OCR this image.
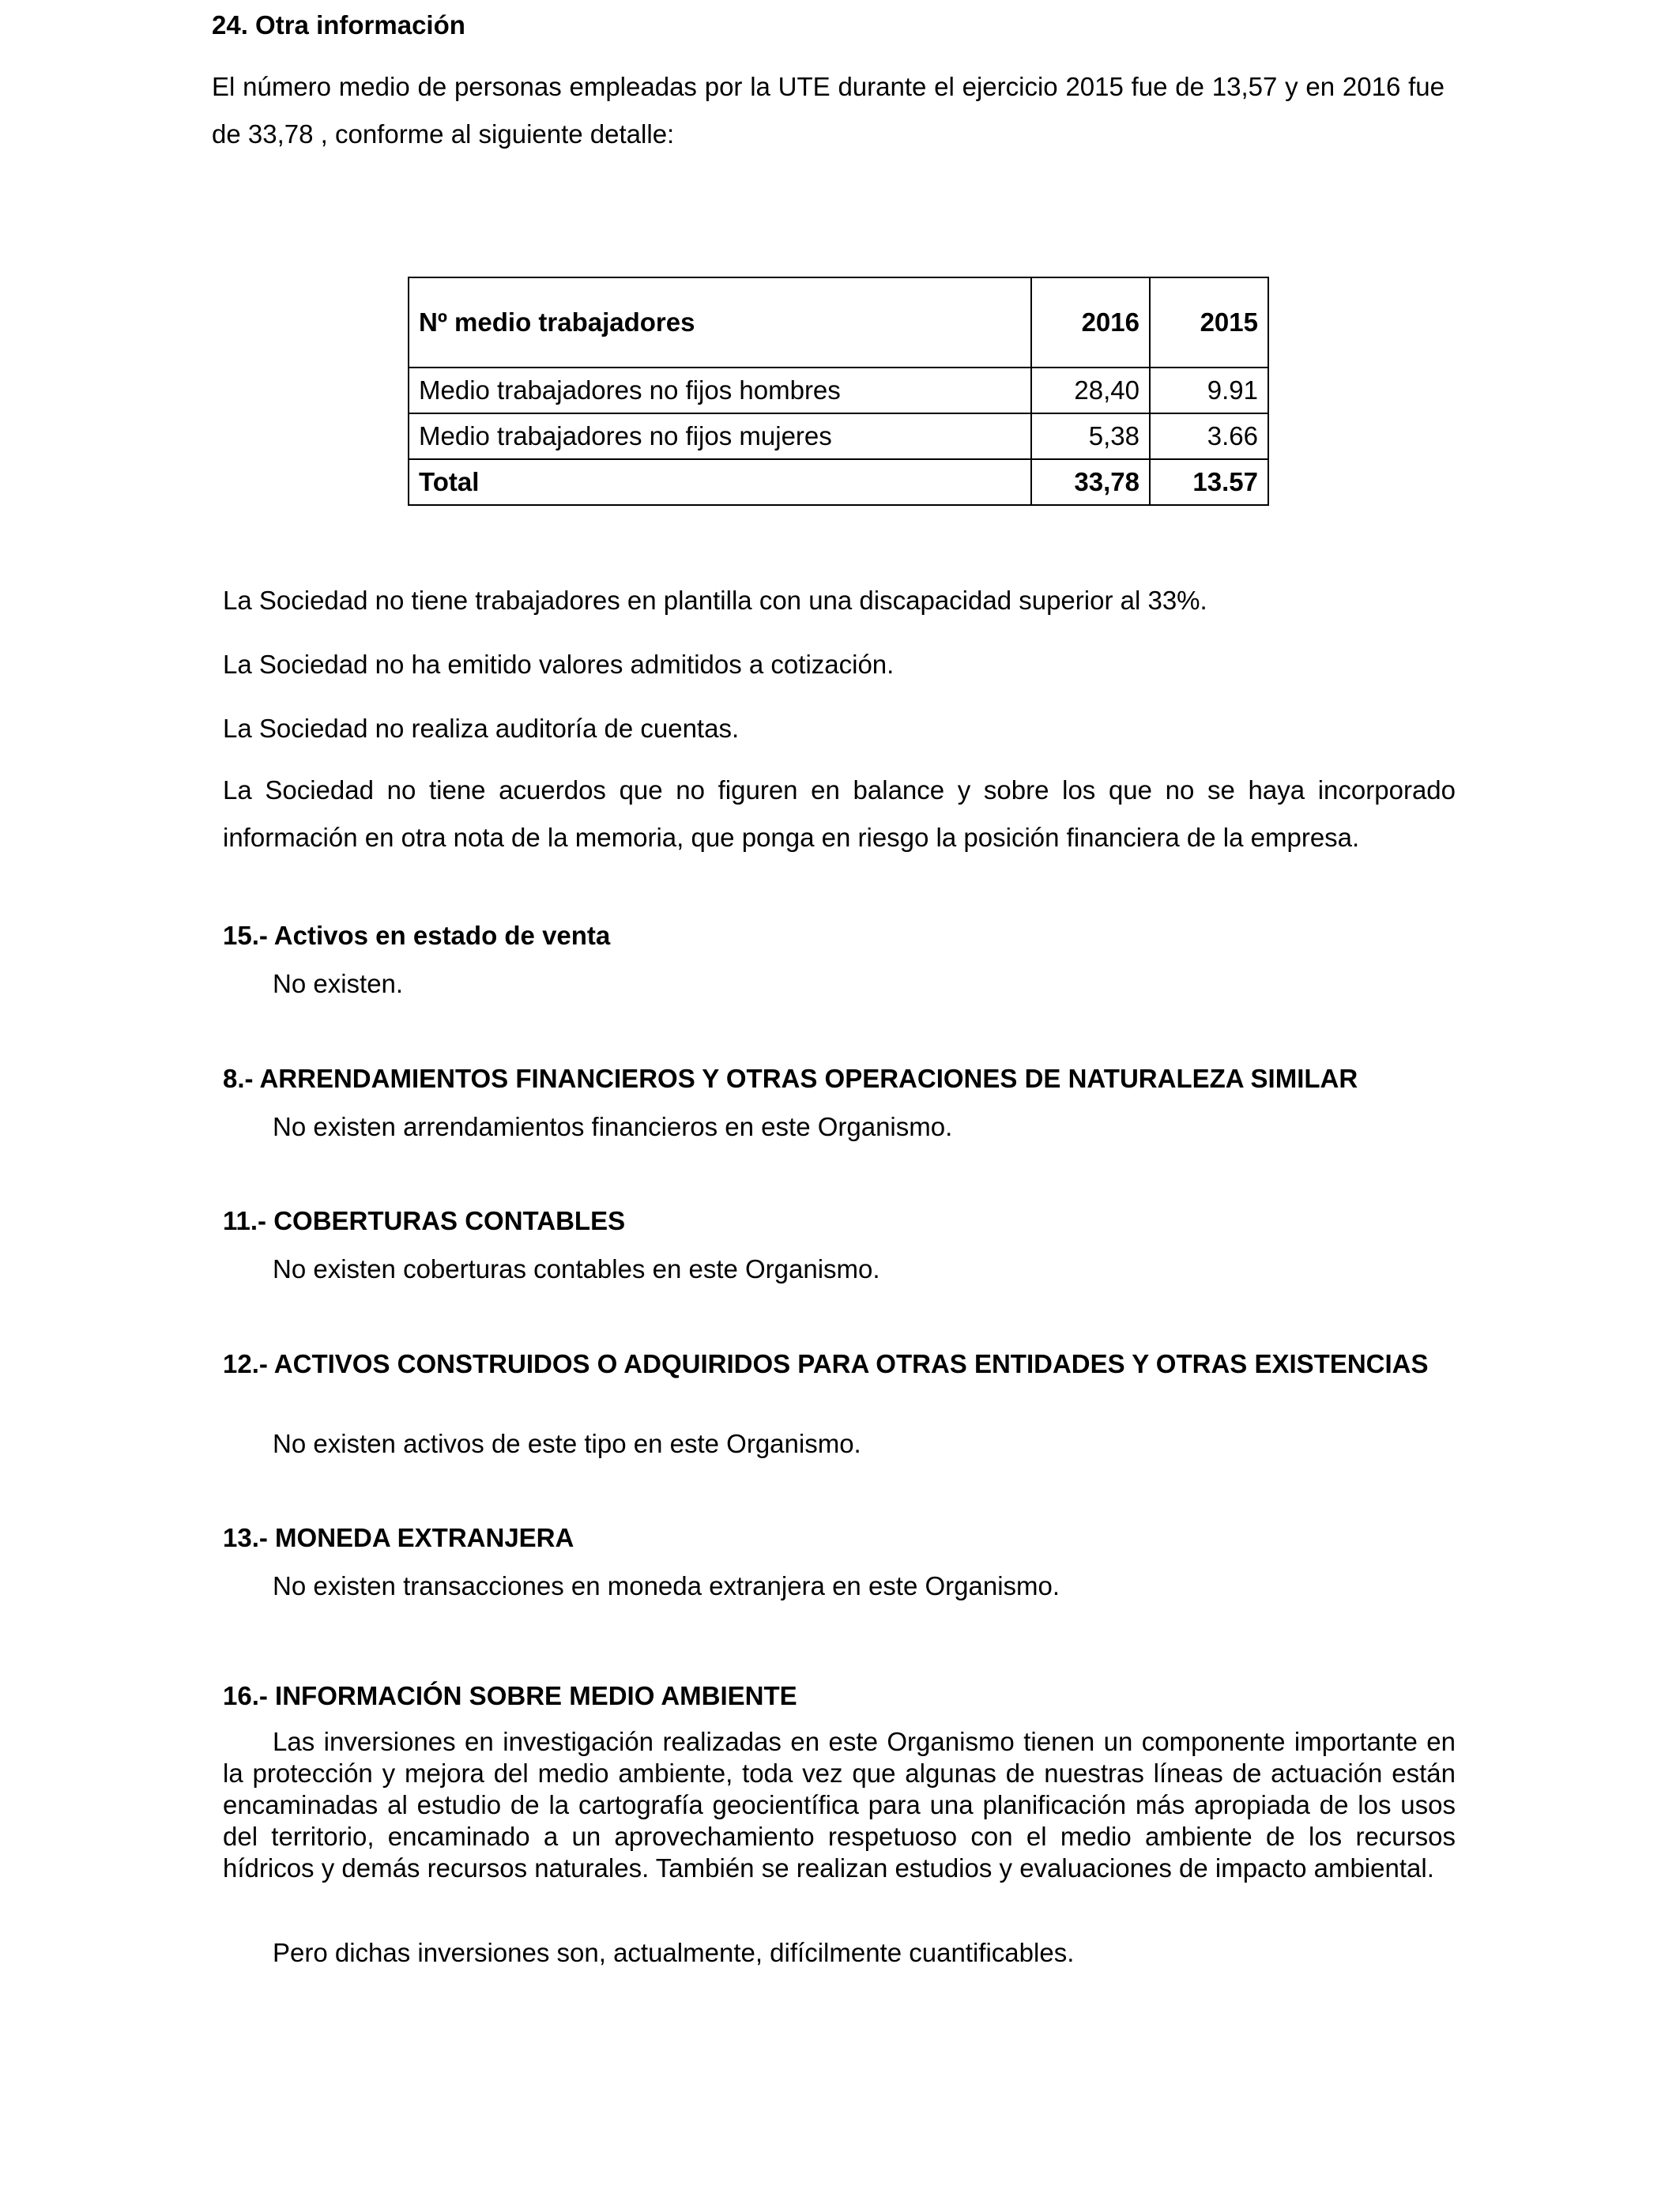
24. Otra información
El número medio de personas empleadas por la UTE durante el ejercicio 2015 fue de 13,57 y en 2016 fue de 33,78 , conforme al siguiente detalle:
Nº medio trabajadores	2016	2015
Medio trabajadores no fijos hombres	28,40	9.91
Medio trabajadores no fijos mujeres	5,38	3.66
Total	33,78	13.57
La Sociedad no tiene trabajadores en plantilla con una discapacidad superior al 33%.
La Sociedad no ha emitido valores admitidos a cotización.
La Sociedad no realiza auditoría de cuentas.
La Sociedad no tiene acuerdos que no figuren en balance y sobre los que no se haya incorporado información en otra nota de la memoria, que ponga en riesgo la posición financiera de la empresa.
15.- Activos en estado de venta
No existen.
8.- ARRENDAMIENTOS FINANCIEROS Y OTRAS OPERACIONES DE NATURALEZA SIMILAR
No existen arrendamientos financieros en este Organismo.
11.- COBERTURAS CONTABLES
No existen coberturas contables en este Organismo.
12.- ACTIVOS CONSTRUIDOS O ADQUIRIDOS PARA OTRAS ENTIDADES Y OTRAS EXISTENCIAS
No existen activos de este tipo en este Organismo.
13.- MONEDA EXTRANJERA
No existen transacciones en moneda extranjera en este Organismo.
16.- INFORMACIÓN SOBRE MEDIO AMBIENTE
Las inversiones en investigación realizadas en este Organismo tienen un componente importante en la protección y mejora del medio ambiente, toda vez que algunas de nuestras líneas de actuación están encaminadas al estudio de la cartografía geocientífica para una planificación más apropiada de los usos del territorio, encaminado a un aprovechamiento respetuoso con el medio ambiente de los recursos hídricos y demás recursos naturales. También se realizan estudios y evaluaciones de impacto ambiental.
Pero dichas inversiones son, actualmente, difícilmente cuantificables.
